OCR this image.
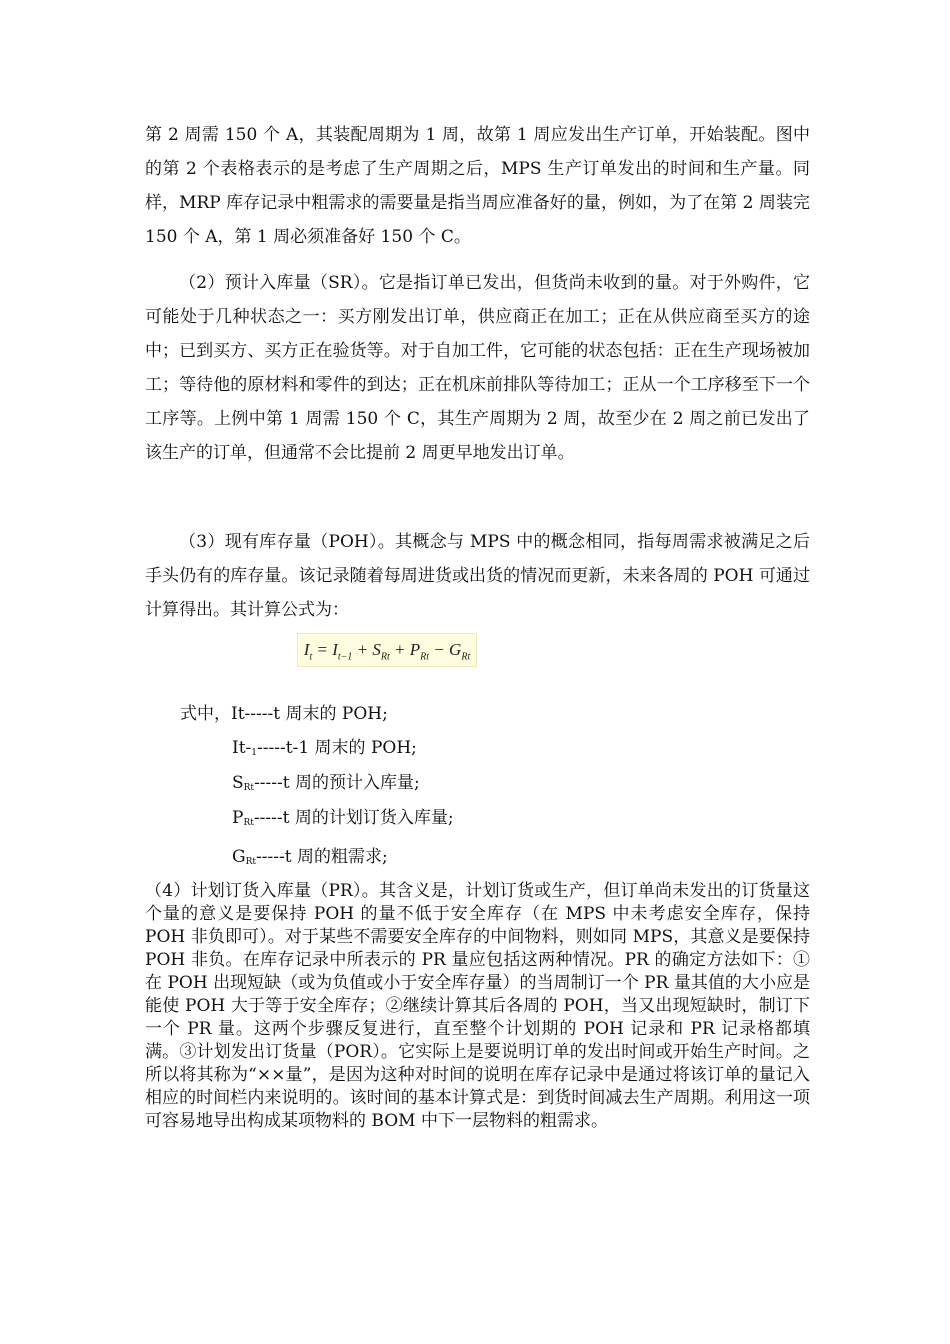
第 2 周需 150 个 A，其装配周期为 1 周，故第 1 周应发出生产订单，开始装配。图中的第 2 个表格表示的是考虑了生产周期之后，MPS 生产订单发出的时间和生产量。同样，MRP 库存记录中粗需求的需要量是指当周应准备好的量，例如，为了在第 2 周装完 150 个 A，第 1 周必须准备好 150 个 C。

（2）预计入库量（SR）。它是指订单已发出，但货尚未收到的量。对于外购件，它可能处于几种状态之一：买方刚发出订单，供应商正在加工；正在从供应商至买方的途中；已到买方、买方正在验货等。对于自加工件，它可能的状态包括：正在生产现场被加工；等待他的原材料和零件的到达；正在机床前排队等待加工；正从一个工序移至下一个工序等。上例中第 1 周需 150 个 C，其生产周期为 2 周，故至少在 2 周之前已发出了该生产的订单，但通常不会比提前 2 周更早地发出订单。

（3）现有库存量（POH）。其概念与 MPS 中的概念相同，指每周需求被满足之后手头仍有的库存量。该记录随着每周进货或出货的情况而更新，未来各周的 POH 可通过计算得出。其计算公式为：

$I_t = I_{t-1} + S_{Rt} + P_{Rt} - G_{Rt}$
式中，It-----t 周末的 POH;
$It-_1-----t-1$ 周末的 POH;
$S_{Rt}-----t$ 周的预计入库量;
$P_{Rt}-----t$ 周的计划订货入库量;
$G_{Rt}-----t$ 周的粗需求;

（4）计划订货入库量（PR）。其含义是，计划订货或生产，但订单尚未发出的订货量这个量的意义是要保持 POH 的量不低于安全库存（在 MPS 中未考虑安全库存，保持 POH 非负即可）。对于某些不需要安全库存的中间物料，则如同 MPS，其意义是要保持 POH 非负。在库存记录中所表示的 PR 量应包括这两种情况。PR 的确定方法如下：①在 POH 出现短缺（或为负值或小于安全库存量）的当周制订一个 PR 量其值的大小应是能使 POH 大于等于安全库存；②继续计算其后各周的 POH，当又出现短缺时，制订下一个 PR 量。这两个步骤反复进行，直至整个计划期的 POH 记录和 PR 记录格都填满。③计划发出订货量（POR）。它实际上是要说明订单的发出时间或开始生产时间。之所以将其称为“××量”，是因为这种对时间的说明在库存记录中是通过将该订单的量记入相应的时间栏内来说明的。该时间的基本计算式是：到货时间减去生产周期。利用这一项可容易地导出构成某项物料的 BOM 中下一层物料的粗需求。
